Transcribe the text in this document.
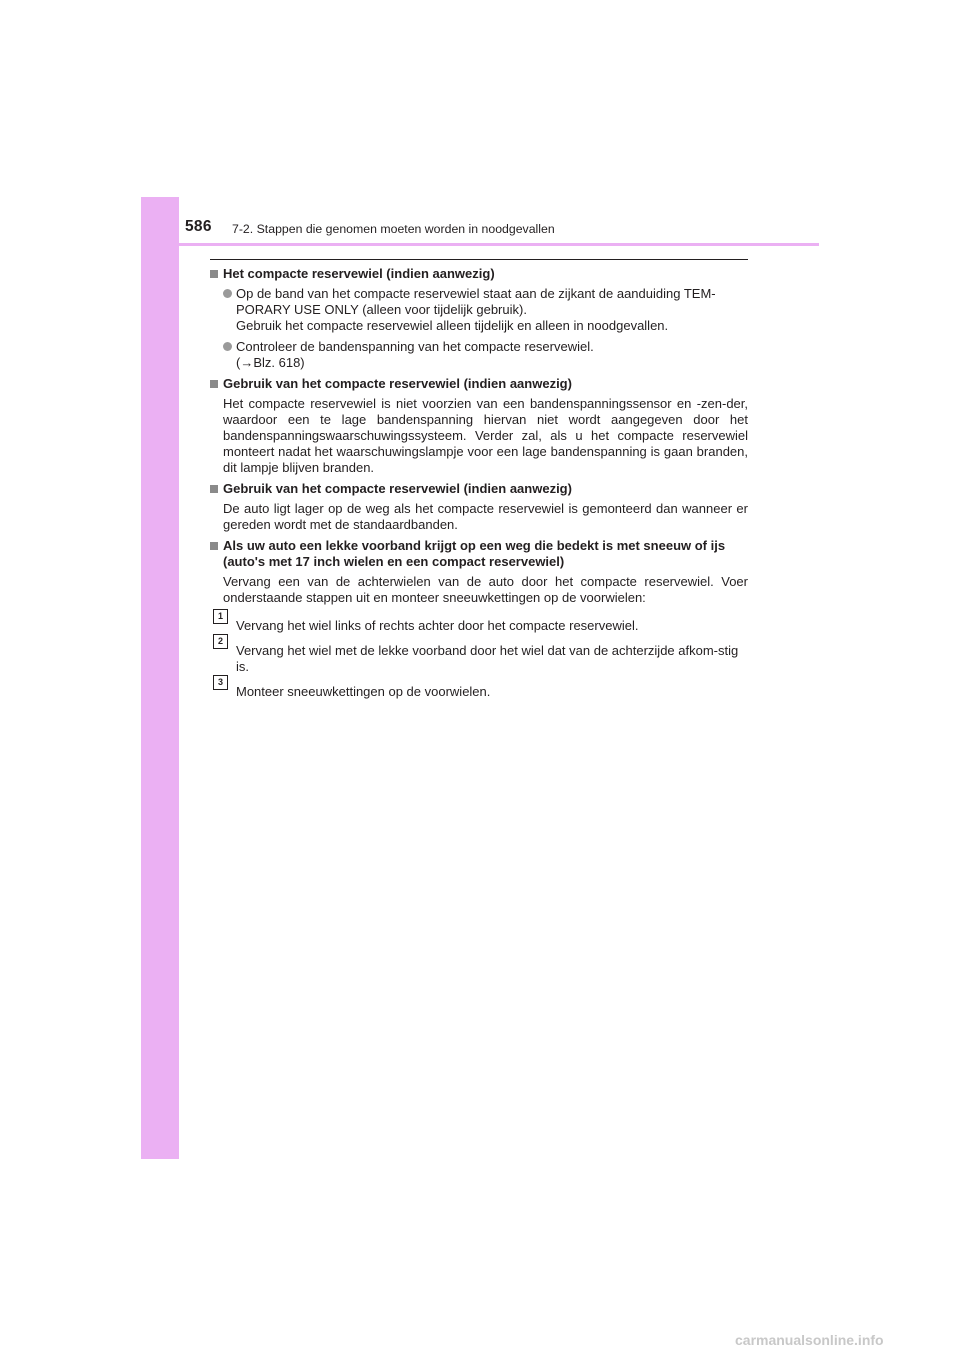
586 7-2. Stappen die genomen moeten worden in noodgevallen
Het compacte reservewiel (indien aanwezig)
Op de band van het compacte reservewiel staat aan de zijkant de aanduiding TEM-PORARY USE ONLY (alleen voor tijdelijk gebruik).
Gebruik het compacte reservewiel alleen tijdelijk en alleen in noodgevallen.
Controleer de bandenspanning van het compacte reservewiel.
(→Blz. 618)
Gebruik van het compacte reservewiel (indien aanwezig)
Het compacte reservewiel is niet voorzien van een bandenspanningssensor en -zen-der, waardoor een te lage bandenspanning hiervan niet wordt aangegeven door het bandenspanningswaarschuwingssysteem. Verder zal, als u het compacte reservewiel monteert nadat het waarschuwingslampje voor een lage bandenspanning is gaan branden, dit lampje blijven branden.
Gebruik van het compacte reservewiel (indien aanwezig)
De auto ligt lager op de weg als het compacte reservewiel is gemonteerd dan wanneer er gereden wordt met de standaardbanden.
Als uw auto een lekke voorband krijgt op een weg die bedekt is met sneeuw of ijs (auto's met 17 inch wielen en een compact reservewiel)
Vervang een van de achterwielen van de auto door het compacte reservewiel. Voer onderstaande stappen uit en monteer sneeuwkettingen op de voorwielen:
1
Vervang het wiel links of rechts achter door het compacte reservewiel.
2
Vervang het wiel met de lekke voorband door het wiel dat van de achterzijde afkom-stig is.
3
Monteer sneeuwkettingen op de voorwielen.
carmanualsonline.info
